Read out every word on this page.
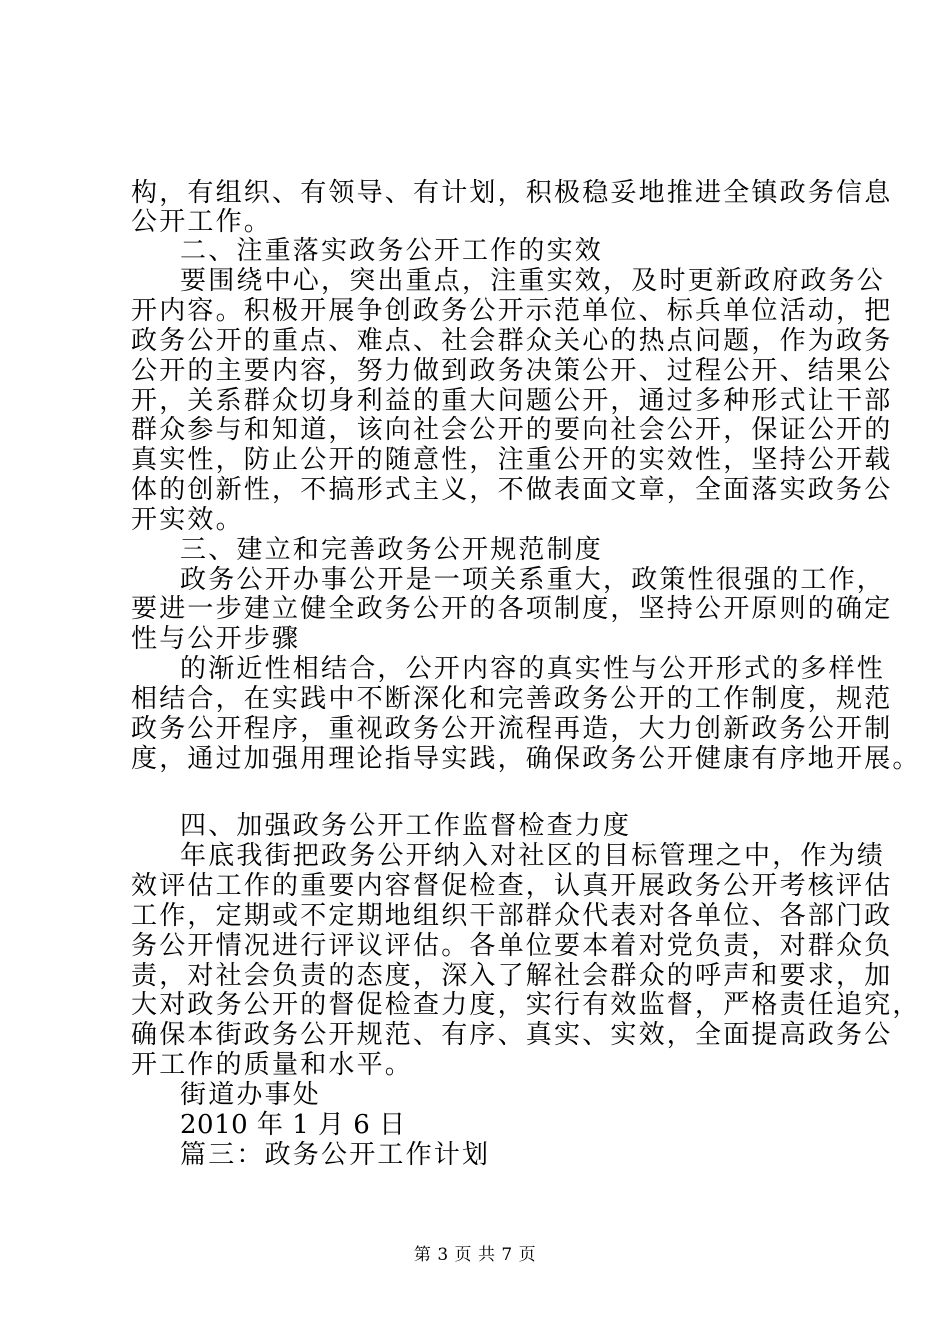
构，有组织、有领导、有计划，积极稳妥地推进全镇政务信息
公开工作。
二、注重落实政务公开工作的实效
要围绕中心，突出重点，注重实效，及时更新政府政务公
开内容。积极开展争创政务公开示范单位、标兵单位活动，把
政务公开的重点、难点、社会群众关心的热点问题，作为政务
公开的主要内容，努力做到政务决策公开、过程公开、结果公
开，关系群众切身利益的重大问题公开，通过多种形式让干部
群众参与和知道，该向社会公开的要向社会公开，保证公开的
真实性，防止公开的随意性，注重公开的实效性，坚持公开载
体的创新性，不搞形式主义，不做表面文章，全面落实政务公
开实效。
三、建立和完善政务公开规范制度
政务公开办事公开是一项关系重大，政策性很强的工作，
要进一步建立健全政务公开的各项制度，坚持公开原则的确定
性与公开步骤
的渐近性相结合，公开内容的真实性与公开形式的多样性
相结合，在实践中不断深化和完善政务公开的工作制度，规范
政务公开程序，重视政务公开流程再造，大力创新政务公开制
度，通过加强用理论指导实践，确保政务公开健康有序地开展。
四、加强政务公开工作监督检查力度
年底我街把政务公开纳入对社区的目标管理之中，作为绩
效评估工作的重要内容督促检查，认真开展政务公开考核评估
工作，定期或不定期地组织干部群众代表对各单位、各部门政
务公开情况进行评议评估。各单位要本着对党负责，对群众负
责，对社会负责的态度，深入了解社会群众的呼声和要求，加
大对政务公开的督促检查力度，实行有效监督，严格责任追究，
确保本街政务公开规范、有序、真实、实效，全面提高政务公
开工作的质量和水平。
街道办事处
2010 年 1 月 6 日
篇三：政务公开工作计划
第 3 页 共 7 页
